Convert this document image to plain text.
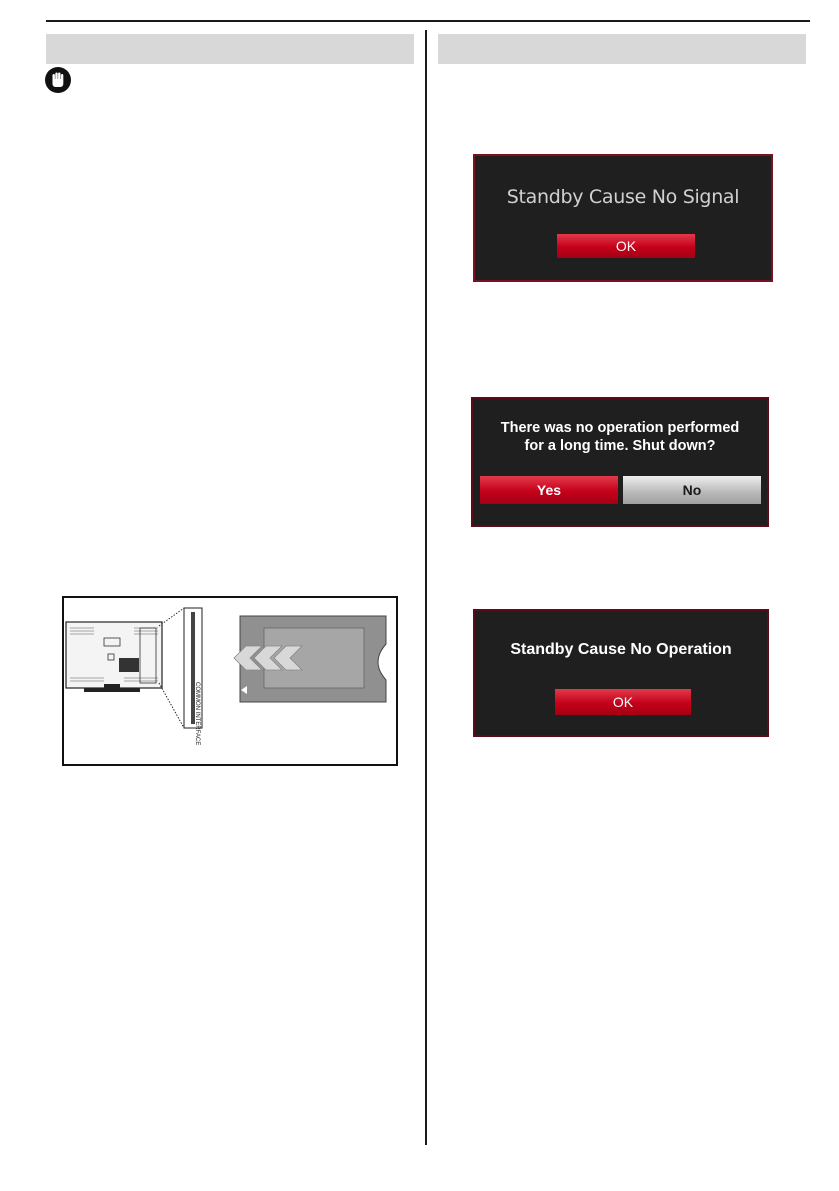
COMMON INTERFACE
Standby Cause No Signal
OK
There was no operation performed
for a long time. Shut down?
Yes	No
Standby Cause No Operation
OK
